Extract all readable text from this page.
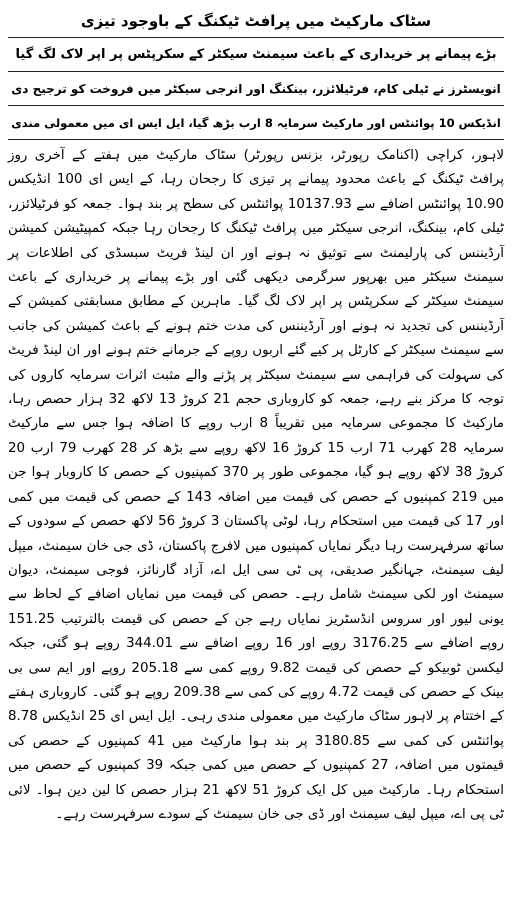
سٹاک مارکیٹ میں پرافٹ ٹیکنگ کے باوجود تیزی
بڑے پیمانے پر خریداری کے باعث سیمنٹ سیکٹر کے سکرپٹس پر اپر لاک لگ گیا
انویسٹرز نے ٹیلی کام، فرٹیلائزر، بینکنگ اور انرجی سیکٹر میں فروخت کو ترجیح دی
انڈیکس 10 پوائنٹس اور مارکیٹ سرمایہ 8 ارب بڑھ گیا، ایل ایس ای میں معمولی مندی

لاہور، کراچی (اکنامک رپورٹر، بزنس رپورٹر) سٹاک مارکیٹ میں ہفتے کے آخری روز پرافٹ ٹیکنگ کے باعث محدود پیمانے پر تیزی کا رجحان رہا، کے ایس ای 100 انڈیکس 10.90 پوائنٹس اضافے سے 10137.93 پوائنٹس کی سطح پر بند ہوا۔ جمعہ کو فرٹیلائزر، ٹیلی کام، بینکنگ، انرجی سیکٹر میں پرافٹ ٹیکنگ کا رجحان رہا جبکہ کمپیٹیشن کمیشن آرڈیننس کی پارلیمنٹ سے توثیق نہ ہونے اور ان لینڈ فریٹ سبسڈی کی اطلاعات پر سیمنٹ سیکٹر میں بھرپور سرگرمی دیکھی گئی اور بڑے پیمانے پر خریداری کے باعث سیمنٹ سیکٹر کے سکرپٹس پر اپر لاک لگ گیا۔ ماہرین کے مطابق مسابقتی کمیشن کے آرڈیننس کی تجدید نہ ہونے اور آرڈیننس کی مدت ختم ہونے کے باعث کمیشن کی جانب سے سیمنٹ سیکٹر کے کارٹل پر کیے گئے اربوں روپے کے جرمانے ختم ہونے اور ان لینڈ فریٹ کی سہولت کی فراہمی سے سیمنٹ سیکٹر پر پڑنے والے مثبت اثرات سرمایہ کاروں کی توجہ کا مرکز بنے رہے، جمعہ کو کاروباری حجم 21 کروڑ 13 لاکھ 32 ہزار حصص رہا، مارکیٹ کا مجموعی سرمایہ میں تقریباً 8 ارب روپے کا اضافہ ہوا جس سے مارکیٹ سرمایہ 28 کھرب 71 ارب 15 کروڑ 16 لاکھ روپے سے بڑھ کر 28 کھرب 79 ارب 20 کروڑ 38 لاکھ روپے ہو گیا، مجموعی طور پر 370 کمپنیوں کے حصص کا کاروبار ہوا جن میں 219 کمپنیوں کے حصص کی قیمت میں اضافہ 143 کے حصص کی قیمت میں کمی اور 17 کی قیمت میں استحکام رہا، لوٹی پاکستان 3 کروڑ 56 لاکھ حصص کے سودوں کے ساتھ سرفہرست رہا دیگر نمایاں کمپنیوں میں لافرج پاکستان، ڈی جی خان سیمنٹ، میپل لیف سیمنٹ، جہانگیر صدیقی، پی ٹی سی ایل اے، آزاد گارنائز، فوجی سیمنٹ، دیوان سیمنٹ اور لکی سیمنٹ شامل رہے۔ حصص کی قیمت میں نمایاں اضافے کے لحاظ سے یونی لیور اور سروس انڈسٹریز نمایاں رہے جن کے حصص کی قیمت بالترتیب 151.25 روپے اضافے سے 3176.25 روپے اور 16 روپے اضافے سے 344.01 روپے ہو گئی، جبکہ لیکسن ٹوبیکو کے حصص کی قیمت 9.82 روپے کمی سے 205.18 روپے اور ایم سی بی بینک کے حصص کی قیمت 4.72 روپے کی کمی سے 209.38 روپے ہو گئی۔ کاروباری ہفتے کے اختتام پر لاہور سٹاک مارکیٹ میں معمولی مندی رہی۔ ایل ایس ای 25 انڈیکس 8.78 پوائنٹس کی کمی سے 3180.85 پر بند ہوا مارکیٹ میں 41 کمپنیوں کے حصص کی قیمتوں میں اضافہ، 27 کمپنیوں کے حصص میں کمی جبکہ 39 کمپنیوں کے حصص میں استحکام رہا۔ مارکیٹ میں کل ایک کروڑ 51 لاکھ 21 ہزار حصص کا لین دین ہوا۔ لائی ٹی پی اے، میپل لیف سیمنٹ اور ڈی جی خان سیمنٹ کے سودے سرفہرست رہے۔
